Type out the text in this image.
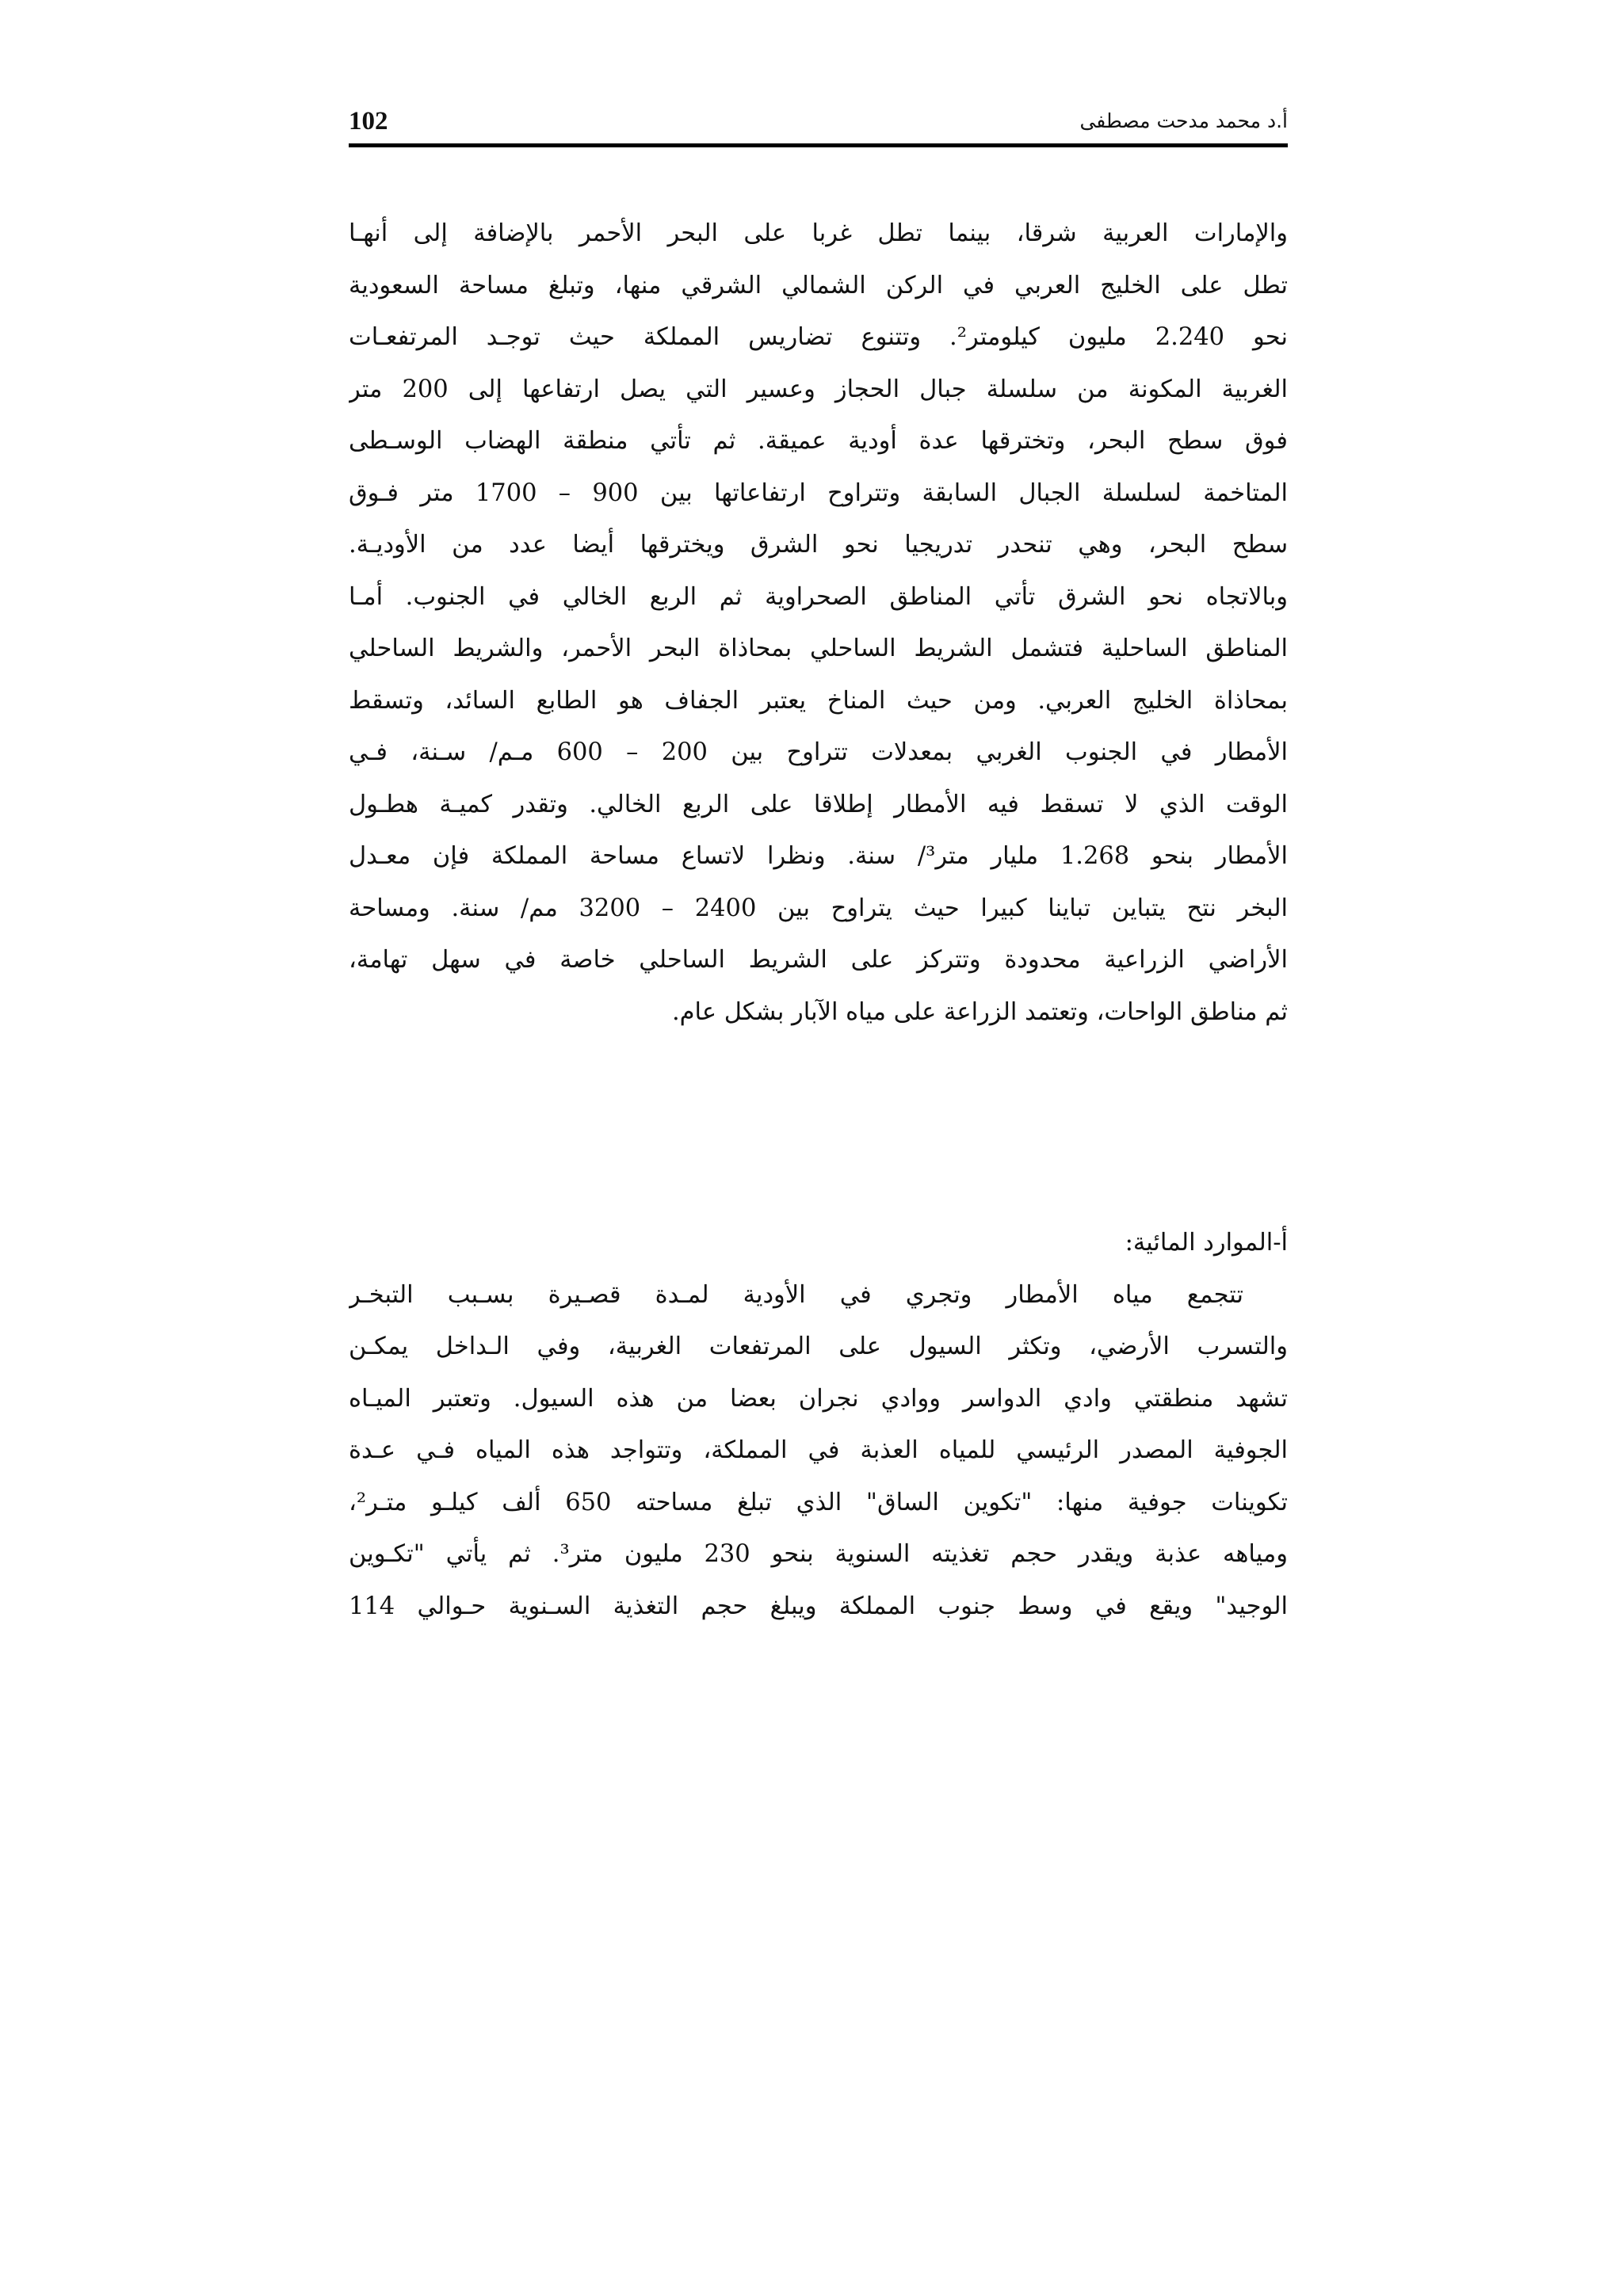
102	أ.د محمد مدحت مصطفى
والإمارات العربية شرقا، بينما تطل غربا على البحر الأحمر بالإضافة إلى أنهـا
تطل على الخليج العربي في الركن الشمالي الشرقي منها، وتبلغ مساحة السعودية
نحو 2.240 مليون كيلومتر². وتتنوع تضاريس المملكة حيث توجـد المرتفعـات
الغربية المكونة من سلسلة جبال الحجاز وعسير التي يصل ارتفاعها إلى 200 متر
فوق سطح البحر، وتخترقها عدة أودية عميقة. ثم تأتي منطقة الهضاب الوسـطى
المتاخمة لسلسلة الجبال السابقة وتتراوح ارتفاعاتها بين 900 – 1700 متر فـوق
سطح البحر، وهي تنحدر تدريجيا نحو الشرق ويخترقها أيضا عدد من الأوديـة.
وبالاتجاه نحو الشرق تأتي المناطق الصحراوية ثم الربع الخالي في الجنوب. أمـا
المناطق الساحلية فتشمل الشريط الساحلي بمحاذاة البحر الأحمر، والشريط الساحلي
بمحاذاة الخليج العربي. ومن حيث المناخ يعتبر الجفاف هو الطابع السائد، وتسقط
الأمطار في الجنوب الغربي بمعدلات تتراوح بين 200 – 600 مـم/ سـنة، فـي
الوقت الذي لا تسقط فيه الأمطار إطلاقا على الربع الخالي. وتقدر كميـة هطـول
الأمطار بنحو 1.268 مليار متر³/ سنة. ونظرا لاتساع مساحة المملكة فإن معـدل
البخر نتح يتباين تباينا كبيرا حيث يتراوح بين 2400 – 3200 مم/ سنة. ومساحة
الأراضي الزراعية محدودة وتتركز على الشريط الساحلي خاصة في سهل تهامة،
ثم مناطق الواحات، وتعتمد الزراعة على مياه الآبار بشكل عام.
أ-الموارد المائية:
تتجمع مياه الأمطار وتجري في الأودية لمـدة قصـيرة بسـبب التبخـر
والتسرب الأرضي، وتكثر السيول على المرتفعات الغربية، وفي الـداخل يمكـن
تشهد منطقتي وادي الدواسر ووادي نجران بعضا من هذه السيول. وتعتبر الميـاه
الجوفية المصدر الرئيسي للمياه العذبة في المملكة، وتتواجد هذه المياه فـي عـدة
تكوينات جوفية منها: "تكوين الساق" الذي تبلغ مساحته 650 ألف كيلـو متـر²،
ومياهه عذبة ويقدر حجم تغذيته السنوية بنحو 230 مليون متر³. ثم يأتي "تكـوين
الوجيد" ويقع في وسط جنوب المملكة ويبلغ حجم التغذية السـنوية حـوالي 114
